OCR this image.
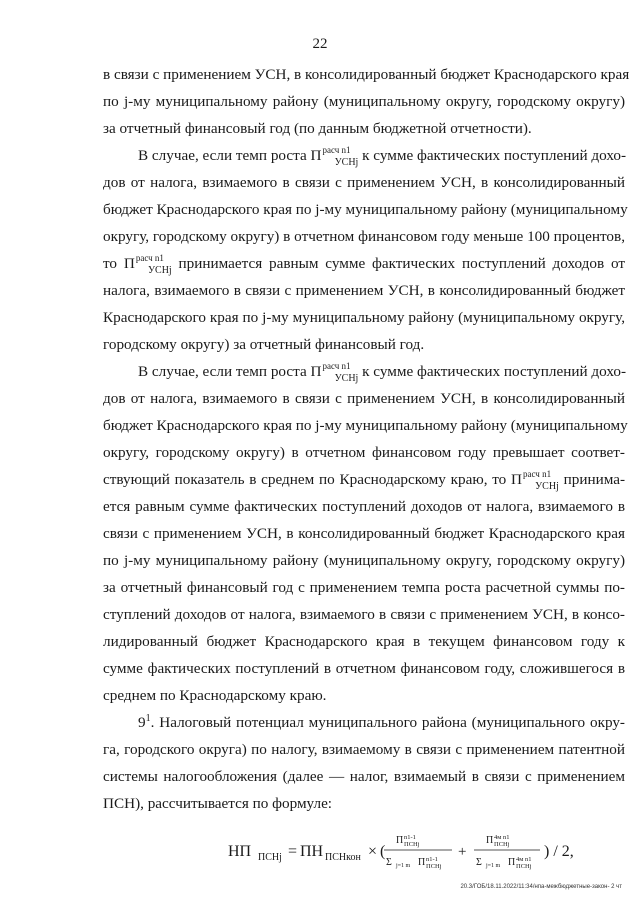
22
в связи с применением УСН, в консолидированный бюджет Краснодарского края
по j-му муниципальному району (муниципальному округу, городскому округу)
за отчетный финансовый год (по данным бюджетной отчетности).
В случае, если темп роста $П^{расч n1}_{УСНj}$ к сумме фактических поступлений дохо-
дов от налога, взимаемого в связи с применением УСН, в консолидированный
бюджет Краснодарского края по j-му муниципальному району (муниципальному
округу, городскому округу) в отчетном финансовом году меньше 100 процентов,
то $П^{расч n1}_{УСНj}$ принимается равным сумме фактических поступлений доходов от
налога, взимаемого в связи с применением УСН, в консолидированный бюджет
Краснодарского края по j-му муниципальному району (муниципальному округу,
городскому округу) за отчетный финансовый год.
В случае, если темп роста $П^{расч n1}_{УСНj}$ к сумме фактических поступлений дохо-
дов от налога, взимаемого в связи с применением УСН, в консолидированный
бюджет Краснодарского края по j-му муниципальному району (муниципальному
округу, городскому округу) в отчетном финансовом году превышает соответ-
ствующий показатель в среднем по Краснодарскому краю, то $П^{расч n1}_{УСНj}$ принима-
ется равным сумме фактических поступлений доходов от налога, взимаемого в
связи с применением УСН, в консолидированный бюджет Краснодарского края
по j-му муниципальному району (муниципальному округу, городскому округу)
за отчетный финансовый год с применением темпа роста расчетной суммы по-
ступлений доходов от налога, взимаемого в связи с применением УСН, в консо-
лидированный бюджет Краснодарского края в текущем финансовом году к
сумме фактических поступлений в отчетном финансовом году, сложившегося в
среднем по Краснодарскому краю.
$9^1$. Налоговый потенциал муниципального района (муниципального окру-
га, городского округа) по налогу, взимаемому в связи с применением патентной
системы налогообложения (далее — налог, взимаемый в связи с применением
ПСН), рассчитывается по формуле:
НП ПСНj = ПН ПСНкон × (
П n1-1
ПСНj
Σ j=1 m П n1-1
ПСНj
+
П 4м n1
ПСНj
Σ j=1 m П 4м n1
ПСНj
) / 2,
20.3/ГОБ/18.11.2022/11:34/нпа-межбюджетные-закон- 2 чт
